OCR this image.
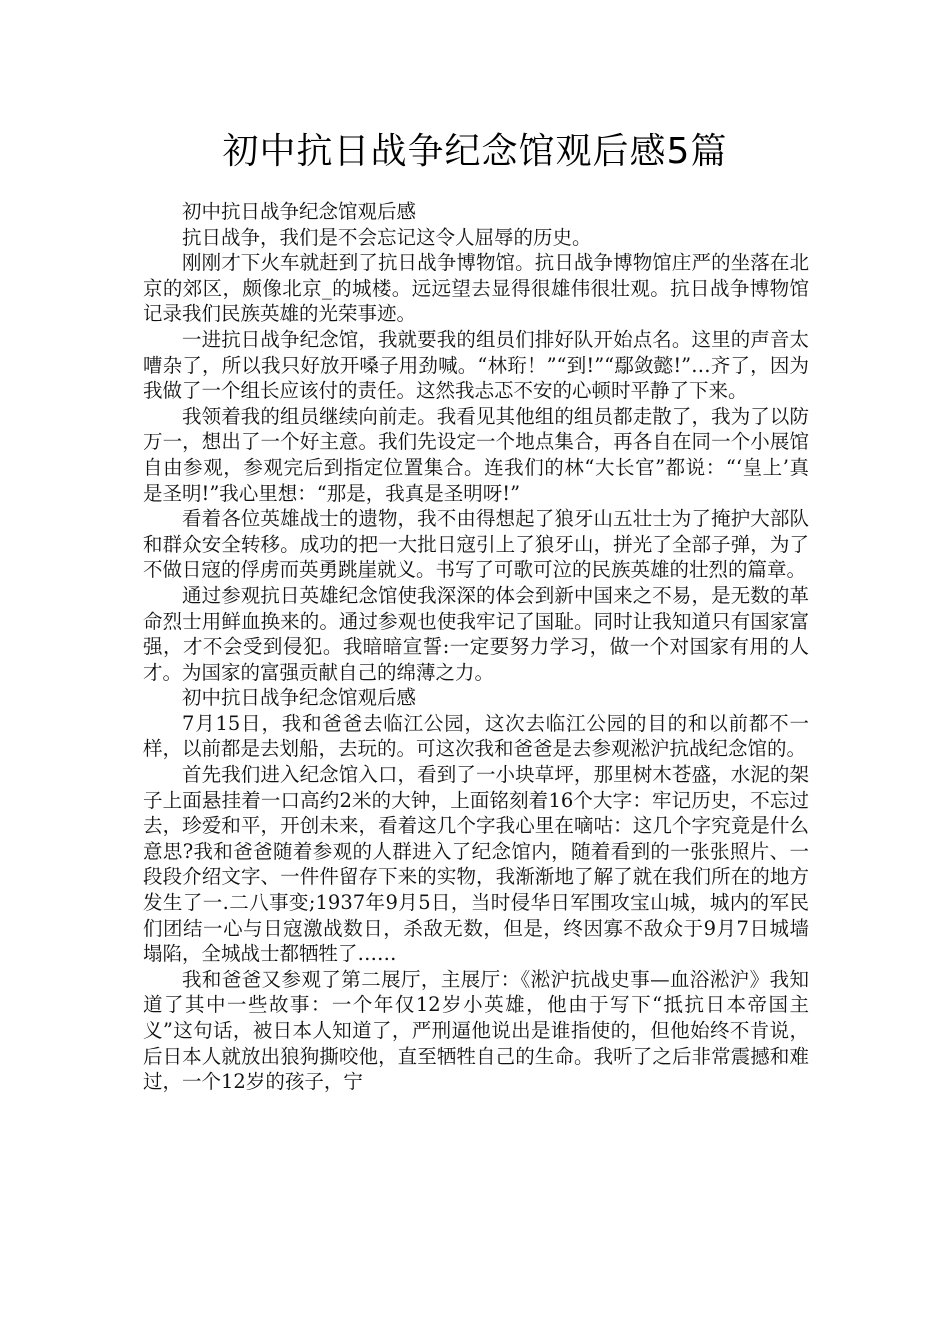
初中抗日战争纪念馆观后感5篇

初中抗日战争纪念馆观后感

抗日战争，我们是不会忘记这令人屈辱的历史。

刚刚才下火车就赶到了抗日战争博物馆。抗日战争博物馆庄严的坐落在北京的郊区，颇像北京_的城楼。远远望去显得很雄伟很壮观。抗日战争博物馆记录我们民族英雄的光荣事迹。

一进抗日战争纪念馆，我就要我的组员们排好队开始点名。这里的声音太嘈杂了，所以我只好放开嗓子用劲喊。“林珩！”“到!”“鄢敛懿!”…齐了，因为我做了一个组长应该付的责任。这然我忐忑不安的心顿时平静了下来。

我领着我的组员继续向前走。我看见其他组的组员都走散了，我为了以防万一，想出了一个好主意。我们先设定一个地点集合，再各自在同一个小展馆自由参观，参观完后到指定位置集合。连我们的林“大长官”都说：“‘皇上’真是圣明!”我心里想：“那是，我真是圣明呀!”

看着各位英雄战士的遗物，我不由得想起了狼牙山五壮士为了掩护大部队和群众安全转移。成功的把一大批日寇引上了狼牙山，拼光了全部子弹，为了不做日寇的俘虏而英勇跳崖就义。书写了可歌可泣的民族英雄的壮烈的篇章。

通过参观抗日英雄纪念馆使我深深的体会到新中国来之不易，是无数的革命烈士用鲜血换来的。通过参观也使我牢记了国耻。同时让我知道只有国家富强，才不会受到侵犯。我暗暗宣誓:一定要努力学习，做一个对国家有用的人才。为国家的富强贡献自己的绵薄之力。

初中抗日战争纪念馆观后感

7月15日，我和爸爸去临江公园，这次去临江公园的目的和以前都不一样，以前都是去划船，去玩的。可这次我和爸爸是去参观淞沪抗战纪念馆的。

首先我们进入纪念馆入口，看到了一小块草坪，那里树木苍盛，水泥的架子上面悬挂着一口高约2米的大钟，上面铭刻着16个大字：牢记历史，不忘过去，珍爱和平，开创未来，看着这几个字我心里在嘀咕：这几个字究竟是什么意思?我和爸爸随着参观的人群进入了纪念馆内，随着看到的一张张照片、一段段介绍文字、一件件留存下来的实物，我渐渐地了解了就在我们所在的地方发生了一.二八事变;1937年9月5日，当时侵华日军围攻宝山城，城内的军民们团结一心与日寇激战数日，杀敌无数，但是，终因寡不敌众于9月7日城墙塌陷，全城战士都牺牲了……

我和爸爸又参观了第二展厅，主展厅：《淞沪抗战史事—血浴淞沪》我知道了其中一些故事：一个年仅12岁小英雄，他由于写下“抵抗日本帝国主义”这句话，被日本人知道了，严刑逼他说出是谁指使的，但他始终不肯说，后日本人就放出狼狗撕咬他，直至牺牲自己的生命。我听了之后非常震撼和难过，一个12岁的孩子，宁
